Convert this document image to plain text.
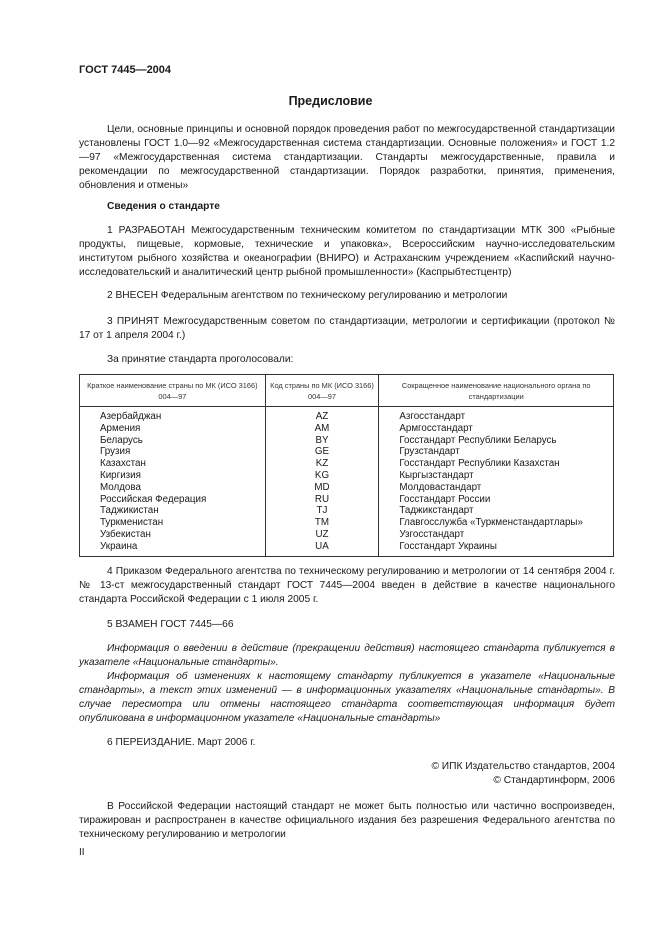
ГОСТ 7445—2004
Предисловие
Цели, основные принципы и основной порядок проведения работ по межгосударственной стандартизации установлены ГОСТ 1.0—92 «Межгосударственная система стандартизации. Основные положения» и ГОСТ 1.2—97 «Межгосударственная система стандартизации. Стандарты межгосударственные, правила и рекомендации по межгосударственной стандартизации. Порядок разработки, принятия, применения, обновления и отмены»
Сведения о стандарте
1 РАЗРАБОТАН Межгосударственным техническим комитетом по стандартизации МТК 300 «Рыбные продукты, пищевые, кормовые, технические и упаковка», Всероссийским научно-исследовательским институтом рыбного хозяйства и океанографии (ВНИРО) и Астраханским учреждением «Каспийский научно-исследовательский и аналитический центр рыбной промышленности» (Каспрыбтестцентр)
2 ВНЕСЕН Федеральным агентством по техническому регулированию и метрологии
3 ПРИНЯТ Межгосударственным советом по стандартизации, метрологии и сертификации (протокол № 17 от 1 апреля 2004 г.)
За принятие стандарта проголосовали:
Краткое наименование страны по МК (ИСО 3166) 004—97	Код страны по МК (ИСО 3166) 004—97	Сокращенное наименование национального органа по стандартизации
Азербайджан	AZ	Азгосстандарт
Армения	AM	Армгосстандарт
Беларусь	BY	Госстандарт Республики Беларусь
Грузия	GE	Грузстандарт
Казахстан	KZ	Госстандарт Республики Казахстан
Киргизия	KG	Кыргызстандарт
Молдова	MD	Молдовастандарт
Российская Федерация	RU	Госстандарт России
Таджикистан	TJ	Таджикстандарт
Туркменистан	TM	Главгосслужба «Туркменстандартлары»
Узбекистан	UZ	Узгосстандарт
Украина	UA	Госстандарт Украины
4 Приказом Федерального агентства по техническому регулированию и метрологии от 14 сентября 2004 г. № 13-ст межгосударственный стандарт ГОСТ 7445—2004 введен в действие в качестве национального стандарта Российской Федерации с 1 июля 2005 г.
5 ВЗАМЕН ГОСТ 7445—66
Информация о введении в действие (прекращении действия) настоящего стандарта публикуется в указателе «Национальные стандарты».
Информация об изменениях к настоящему стандарту публикуется в указателе «Национальные стандарты», а текст этих изменений — в информационных указателях «Национальные стандарты». В случае пересмотра или отмены настоящего стандарта соответствующая информация будет опубликована в информационном указателе «Национальные стандарты»
6 ПЕРЕИЗДАНИЕ. Март 2006 г.
© ИПК Издательство стандартов, 2004
© Стандартинформ, 2006
В Российской Федерации настоящий стандарт не может быть полностью или частично воспроизведен, тиражирован и распространен в качестве официального издания без разрешения Федерального агентства по техническому регулированию и метрологии
II
